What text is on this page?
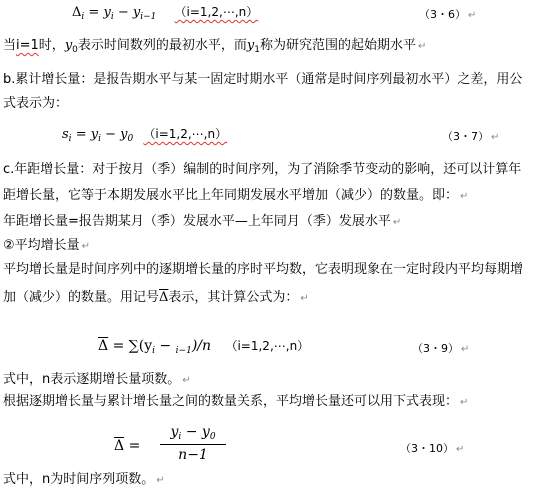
$\Delta_i = y_i - y_{i-1}$ （i=1,2,⋯,n）	（3・6） ↵
当i=1时，$y_0$表示时间数列的最初水平，而$y_1$称为研究范围的起始期水平 ↵
b.累计增长量：是报告期水平与某一固定时期水平（通常是时间序列最初水平）之差，用公
式表示为：
$s_i = y_i - y_0$ （i=1,2,⋯,n）	（3・7） ↵
c.年距增长量：对于按月（季）编制的时间序列，为了消除季节变动的影响，还可以计算年
距增长量，它等于本期发展水平比上年同期发展水平增加（减少）的数量。即： ↵
年距增长量=报告期某月（季）发展水平—上年同月（季）发展水平 ↵
②平均增长量 ↵
平均增长量是时间序列中的逐期增长量的序时平均数，它表明现象在一定时段内平均每期增
加（减少）的数量。用记号$\overline{\Delta}$表示，其计算公式为： ↵
$\overline{\Delta} = \sum(y_i - _{i-1})/n$ （i=1,2,⋯,n）	（3・9） ↵
式中，n表示逐期增长量项数。 ↵
根据逐期增长量与累计增长量之间的数量关系，平均增长量还可以用下式表现： ↵
$\overline{\Delta}$ =
$y_i - y_0$
n−1	（3・10） ↵
式中，n为时间序列项数。 ↵
